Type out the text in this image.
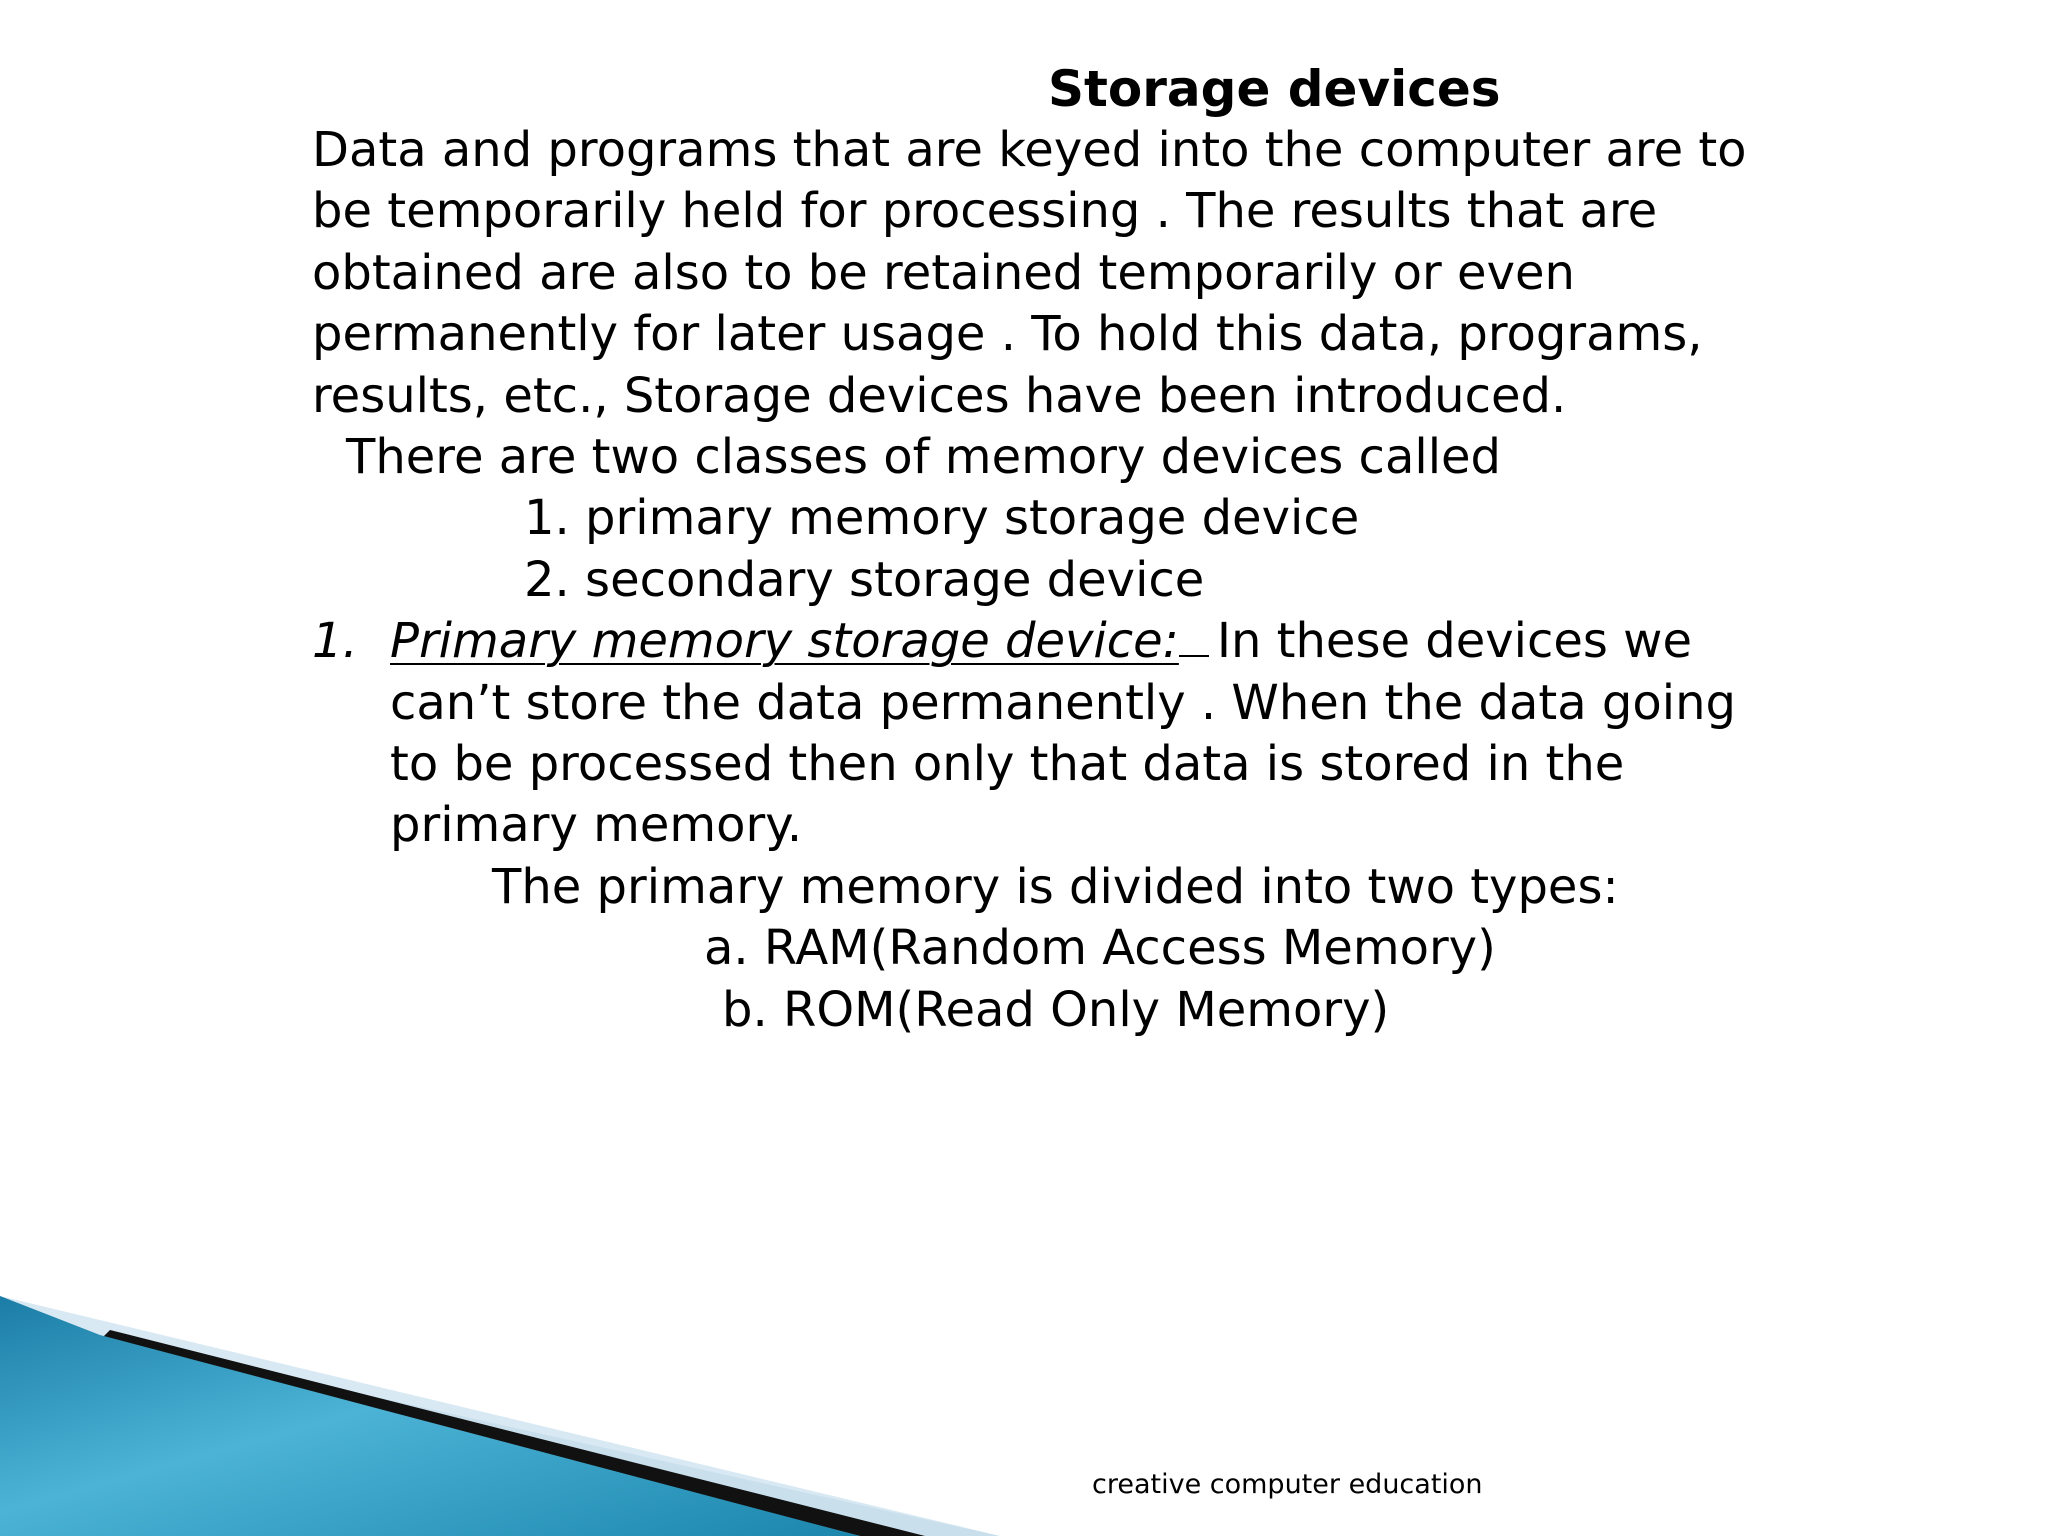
Storage devices
Data and programs that are keyed into the computer are to
be temporarily held for processing . The results that are
obtained are also to be retained temporarily or even
permanently for later usage . To hold this data, programs,
results, etc., Storage devices have been introduced.
There are two classes of memory devices called
1. primary memory storage device
2. secondary storage device
1. Primary memory storage device: In these devices we
can’t store the data permanently . When the data going
to be processed then only that data is stored in the
primary memory.
The primary memory is divided into two types:
a. RAM(Random Access Memory)
b. ROM(Read Only Memory)
creative computer education
